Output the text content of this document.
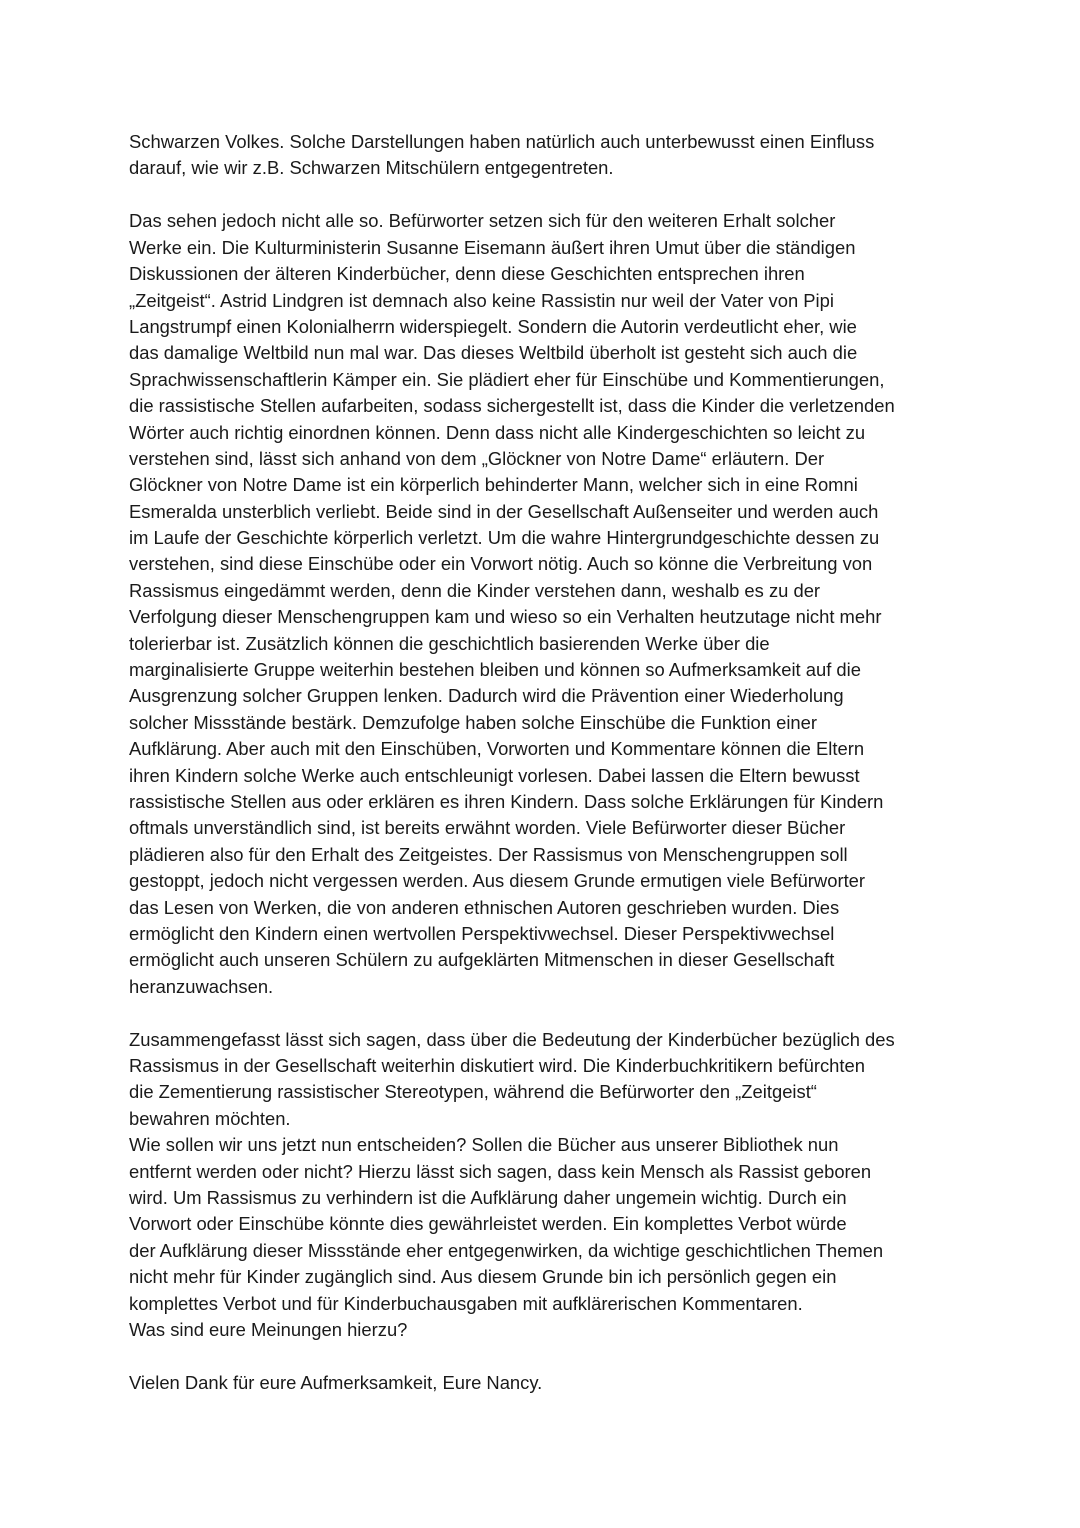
Schwarzen Volkes. Solche Darstellungen haben natürlich auch unterbewusst einen Einfluss
darauf, wie wir z.B. Schwarzen Mitschülern entgegentreten.
Das sehen jedoch nicht alle so. Befürworter setzen sich für den weiteren Erhalt solcher
Werke ein. Die Kulturministerin Susanne Eisemann äußert ihren Umut über die ständigen
Diskussionen der älteren Kinderbücher, denn diese Geschichten entsprechen ihren
„Zeitgeist“. Astrid Lindgren ist demnach also keine Rassistin nur weil der Vater von Pipi
Langstrumpf einen Kolonialherrn widerspiegelt. Sondern die Autorin verdeutlicht eher, wie
das damalige Weltbild nun mal war. Das dieses Weltbild überholt ist gesteht sich auch die
Sprachwissenschaftlerin Kämper ein. Sie plädiert eher für Einschübe und Kommentierungen,
die rassistische Stellen aufarbeiten, sodass sichergestellt ist, dass die Kinder die verletzenden
Wörter auch richtig einordnen können. Denn dass nicht alle Kindergeschichten so leicht zu
verstehen sind, lässt sich anhand von dem „Glöckner von Notre Dame“ erläutern. Der
Glöckner von Notre Dame ist ein körperlich behinderter Mann, welcher sich in eine Romni
Esmeralda unsterblich verliebt. Beide sind in der Gesellschaft Außenseiter und werden auch
im Laufe der Geschichte körperlich verletzt. Um die wahre Hintergrundgeschichte dessen zu
verstehen, sind diese Einschübe oder ein Vorwort nötig. Auch so könne die Verbreitung von
Rassismus eingedämmt werden, denn die Kinder verstehen dann, weshalb es zu der
Verfolgung dieser Menschengruppen kam und wieso so ein Verhalten heutzutage nicht mehr
tolerierbar ist. Zusätzlich können die geschichtlich basierenden Werke über die
marginalisierte Gruppe weiterhin bestehen bleiben und können so Aufmerksamkeit auf die
Ausgrenzung solcher Gruppen lenken. Dadurch wird die Prävention einer Wiederholung
solcher Missstände bestärk. Demzufolge haben solche Einschübe die Funktion einer
Aufklärung. Aber auch mit den Einschüben, Vorworten und Kommentare können die Eltern
ihren Kindern solche Werke auch entschleunigt vorlesen. Dabei lassen die Eltern bewusst
rassistische Stellen aus oder erklären es ihren Kindern. Dass solche Erklärungen für Kindern
oftmals unverständlich sind, ist bereits erwähnt worden. Viele Befürworter dieser Bücher
plädieren also für den Erhalt des Zeitgeistes. Der Rassismus von Menschengruppen soll
gestoppt, jedoch nicht vergessen werden. Aus diesem Grunde ermutigen viele Befürworter
das Lesen von Werken, die von anderen ethnischen Autoren geschrieben wurden. Dies
ermöglicht den Kindern einen wertvollen Perspektivwechsel. Dieser Perspektivwechsel
ermöglicht auch unseren Schülern zu aufgeklärten Mitmenschen in dieser Gesellschaft
heranzuwachsen.
Zusammengefasst lässt sich sagen, dass über die Bedeutung der Kinderbücher bezüglich des
Rassismus in der Gesellschaft weiterhin diskutiert wird. Die Kinderbuchkritikern befürchten
die Zementierung rassistischer Stereotypen, während die Befürworter den „Zeitgeist“
bewahren möchten.
Wie sollen wir uns jetzt nun entscheiden? Sollen die Bücher aus unserer Bibliothek nun
entfernt werden oder nicht? Hierzu lässt sich sagen, dass kein Mensch als Rassist geboren
wird. Um Rassismus zu verhindern ist die Aufklärung daher ungemein wichtig. Durch ein
Vorwort oder Einschübe könnte dies gewährleistet werden. Ein komplettes Verbot würde
der Aufklärung dieser Missstände eher entgegenwirken, da wichtige geschichtlichen Themen
nicht mehr für Kinder zugänglich sind. Aus diesem Grunde bin ich persönlich gegen ein
komplettes Verbot und für Kinderbuchausgaben mit aufklärerischen Kommentaren.
Was sind eure Meinungen hierzu?
Vielen Dank für eure Aufmerksamkeit, Eure Nancy.
